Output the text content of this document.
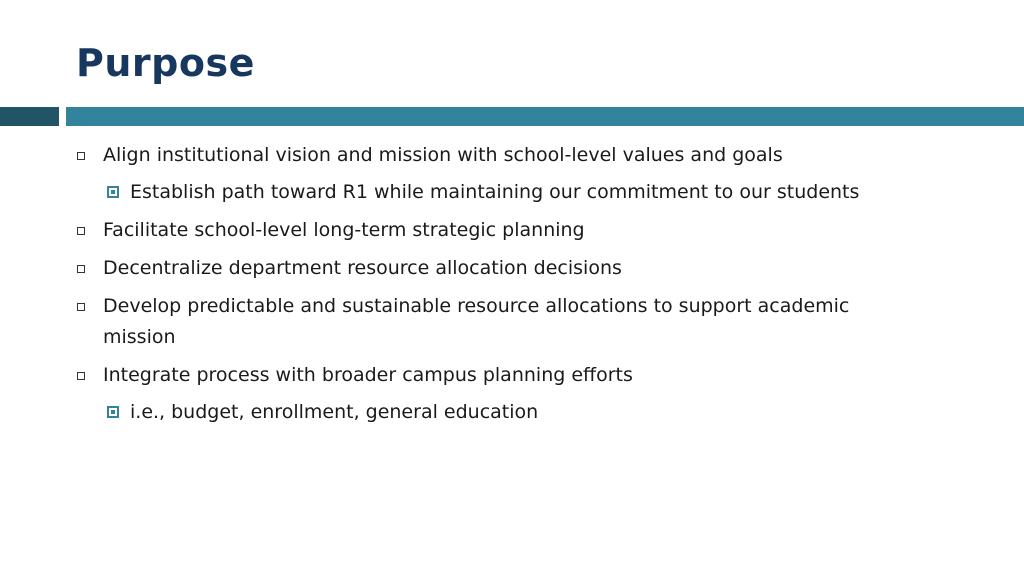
Purpose
Align institutional vision and mission with school-level values and goals
Establish path toward R1 while maintaining our commitment to our students
Facilitate school-level long-term strategic planning
Decentralize department resource allocation decisions
Develop predictable and sustainable resource allocations to support academic
mission
Integrate process with broader campus planning efforts
i.e., budget, enrollment, general education
